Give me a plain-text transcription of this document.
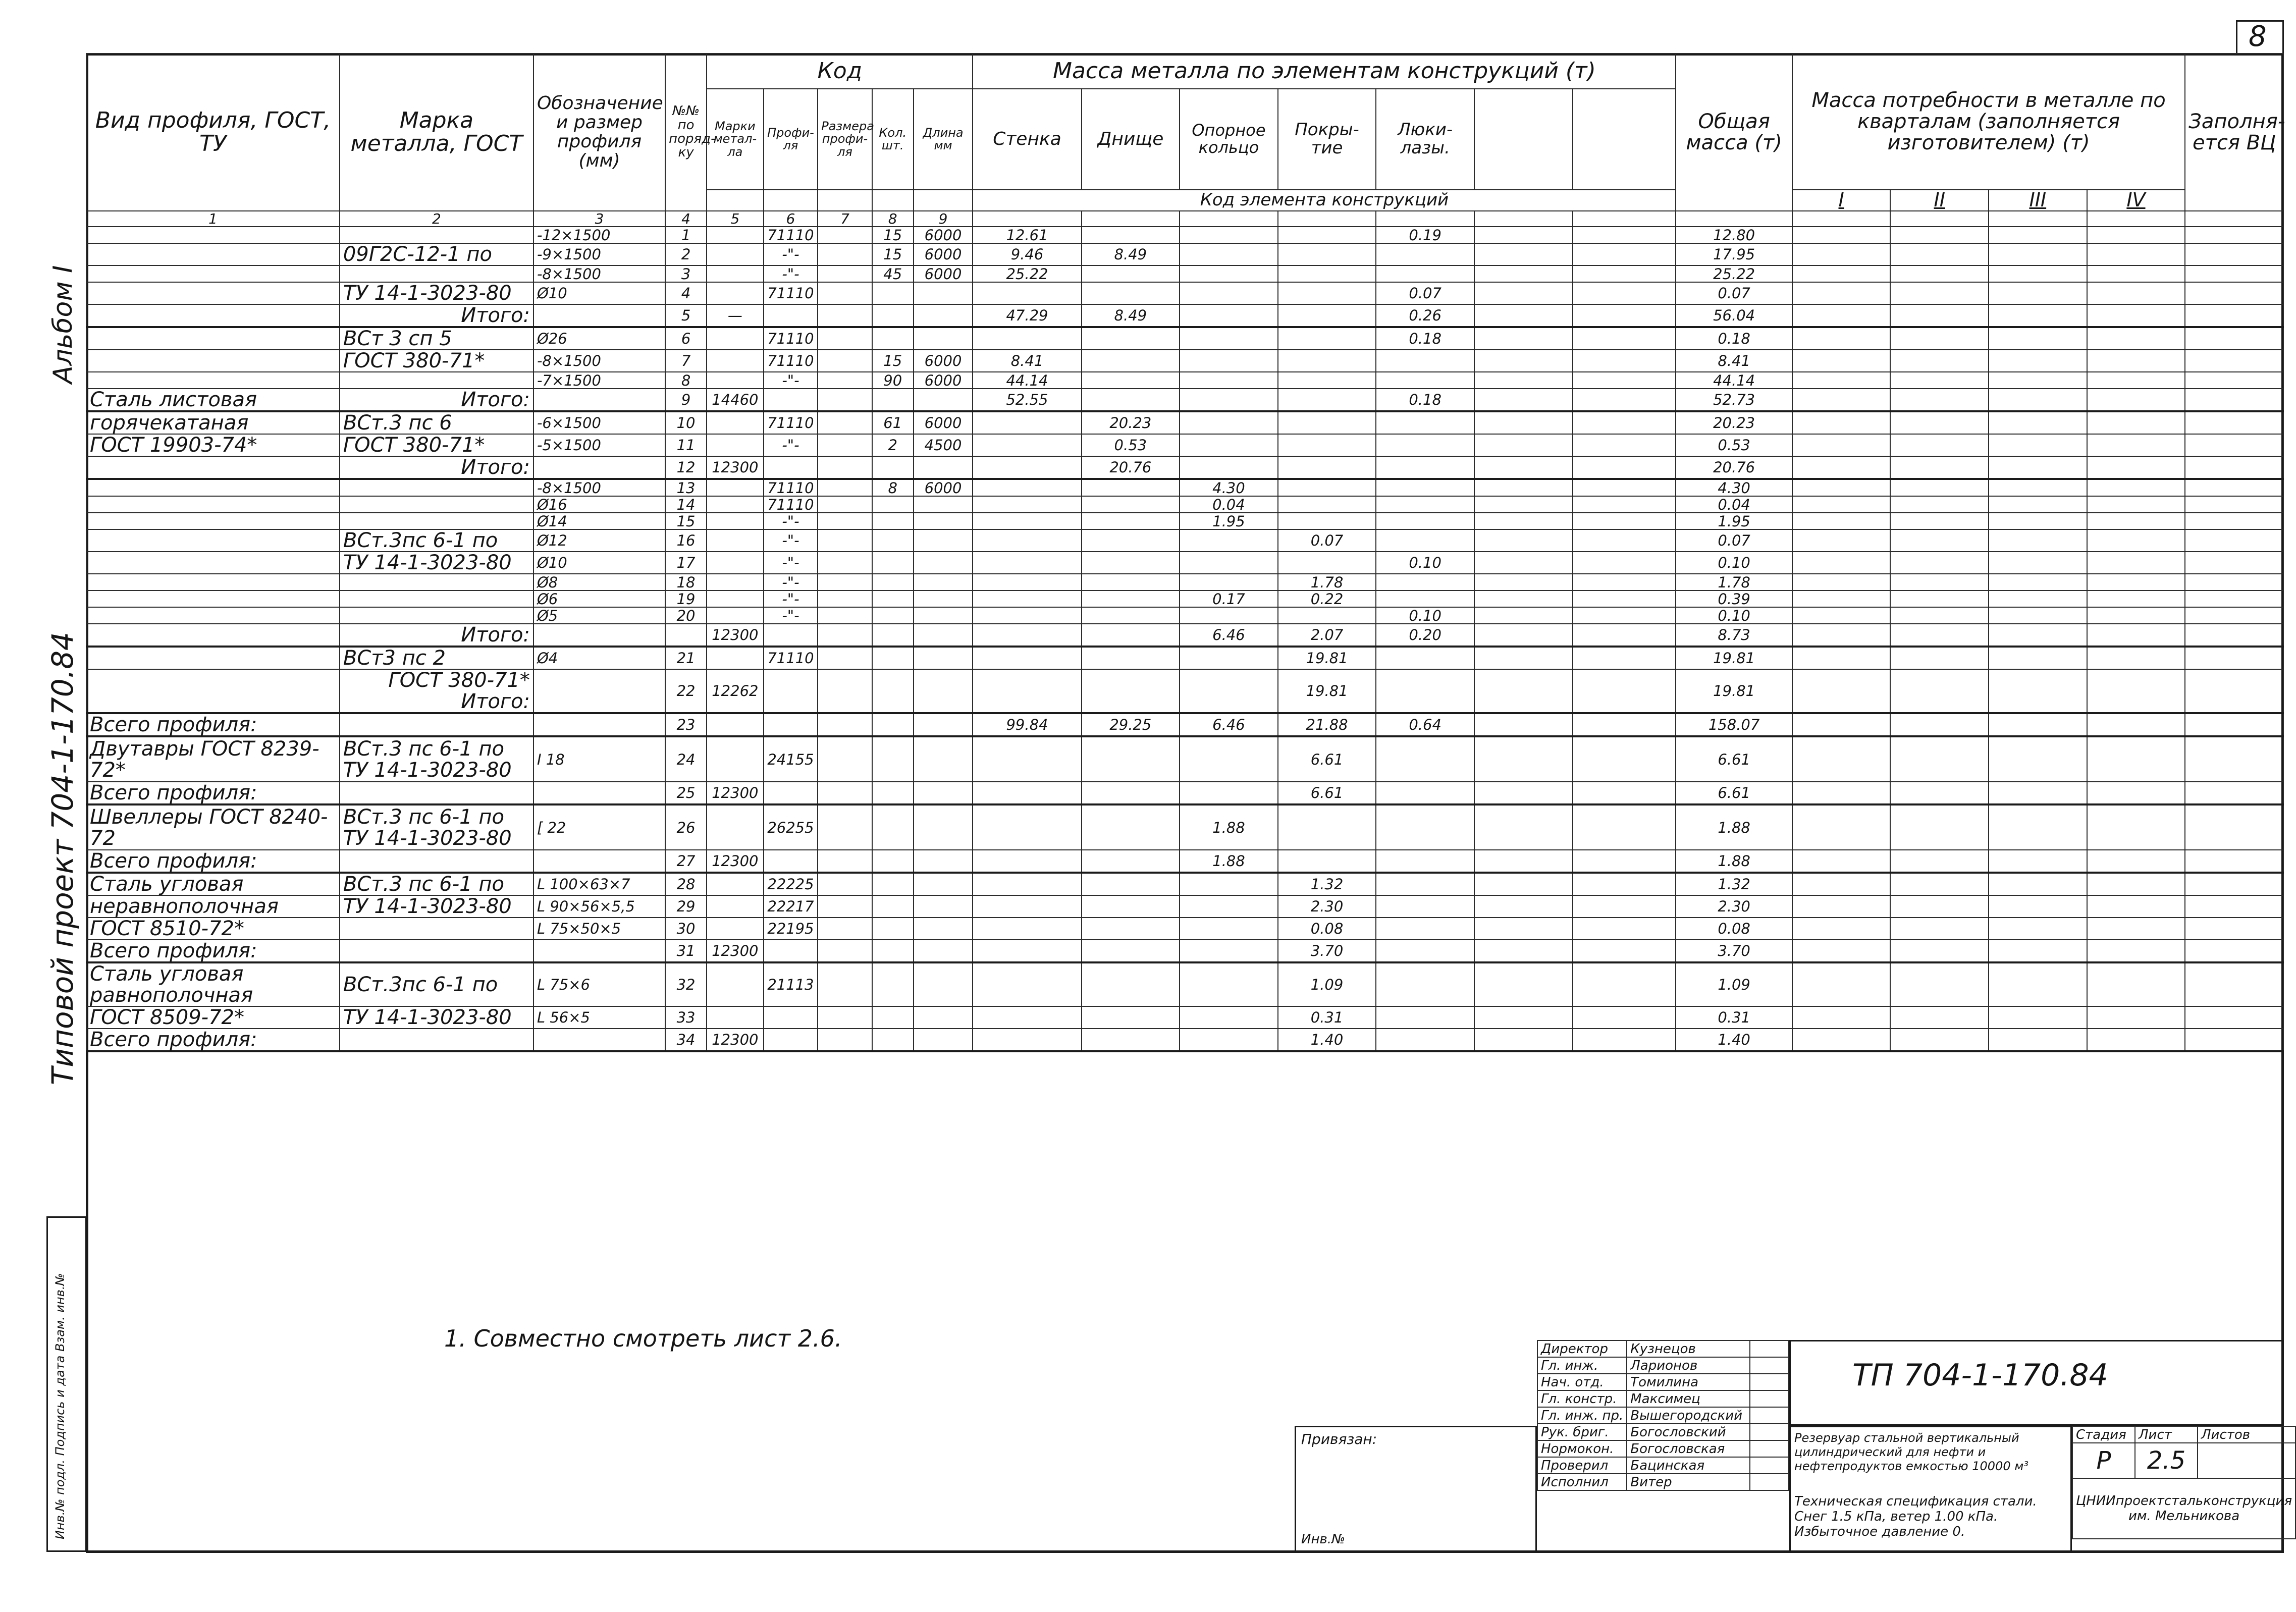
8
Альбом I
Типовой проект 704-1-170.84
Инв.№ подл. Подпись и дата Взам. инв.№
Вид профиля, ГОСТ, ТУ	Марка металла, ГОСТ	Обозначение и размер профиля (мм)	№№ по поряд- ку	Код					Масса металла по элементам конструкций (т)							Общая масса (т)	Масса потребности в металле по кварталам (заполняется изготовителем) (т)				Заполня- ется ВЦ
				Марки метал- ла	Профи- ля	Размера профи- ля	Кол. шт.	Длина мм	Стенка	Днище	Опорное кольцо	Покры- тие	Люки- лазы.								
									Код элемента конструкций								I	II	III	IV	
1	2	3	4	5	6	7	8	9													
		-12×1500	1		71110		15	6000	12.61				0.19			12.80					
	09Г2С-12-1 по	-9×1500	2		-"-		15	6000	9.46	8.49						17.95					
		-8×1500	3		-"-		45	6000	25.22							25.22					
	ТУ 14-1-3023-80	Ø10	4		71110								0.07			0.07					
	Итого:		5	—					47.29	8.49			0.26			56.04					
	ВСт 3 сп 5	Ø26	6		71110								0.18			0.18					
	ГОСТ 380-71*	-8×1500	7		71110		15	6000	8.41							8.41					
		-7×1500	8		-"-		90	6000	44.14							44.14					
Сталь листовая	Итого:		9	14460					52.55				0.18			52.73					
горячекатаная	ВСт.3 пс 6	-6×1500	10		71110		61	6000		20.23						20.23					
ГОСТ 19903-74*	ГОСТ 380-71*	-5×1500	11		-"-		2	4500		0.53						0.53					
	Итого:		12	12300						20.76						20.76					
		-8×1500	13		71110		8	6000			4.30					4.30					
		Ø16	14		71110						0.04					0.04					
		Ø14	15		-"-						1.95					1.95					
	ВСт.3пс 6-1 по	Ø12	16		-"-							0.07				0.07					
	ТУ 14-1-3023-80	Ø10	17		-"-								0.10			0.10					
		Ø8	18		-"-							1.78				1.78					
		Ø6	19		-"-						0.17	0.22				0.39					
		Ø5	20		-"-								0.10			0.10					
	Итого:			12300							6.46	2.07	0.20			8.73					
	ВСт3 пс 2	Ø4	21		71110							19.81				19.81					
	ГОСТ 380-71* Итого:		22	12262								19.81				19.81					
Всего профиля:			23						99.84	29.25	6.46	21.88	0.64			158.07					
Двутавры ГОСТ 8239-72*	ВСт.3 пс 6-1 по ТУ 14-1-3023-80	I 18	24		24155							6.61				6.61					
Всего профиля:			25	12300								6.61				6.61					
Швеллеры ГОСТ 8240-72	ВСт.3 пс 6-1 по ТУ 14-1-3023-80	[ 22	26		26255						1.88					1.88					
Всего профиля:			27	12300							1.88					1.88					
Сталь угловая	ВСт.3 пс 6-1 по	L 100×63×7	28		22225							1.32				1.32					
неравнополочная	ТУ 14-1-3023-80	L 90×56×5,5	29		22217							2.30				2.30					
ГОСТ 8510-72*		L 75×50×5	30		22195							0.08				0.08					
Всего профиля:			31	12300								3.70				3.70					
Сталь угловая равнополочная	ВСт.3пс 6-1 по	L 75×6	32		21113							1.09				1.09					
ГОСТ 8509-72*	ТУ 14-1-3023-80	L 56×5	33									0.31				0.31					
Всего профиля:			34	12300								1.40				1.40					
1. Совместно смотреть лист 2.6.
Привязан:
Инв.№
Директор	Кузнецов	
Гл. инж.	Ларионов	
Нач. отд.	Томилина	
Гл. констр.	Максимец	
Гл. инж. пр.	Вышегородский	
Рук. бриг.	Богословский	
Нормокон.	Богословская	
Проверил	Бацинская	
Исполнил	Витер	
ТП 704-1-170.84
Резервуар стальной вертикальный цилиндрический для нефти и нефтепродуктов емкостью 10000 м³
Техническая спецификация стали. Снег 1.5 кПа, ветер 1.00 кПа. Избыточное давление 0.
Стадия	Лист	Листов
Р	2.5	
ЦНИИпроектстальконструкция им. Мельникова		
